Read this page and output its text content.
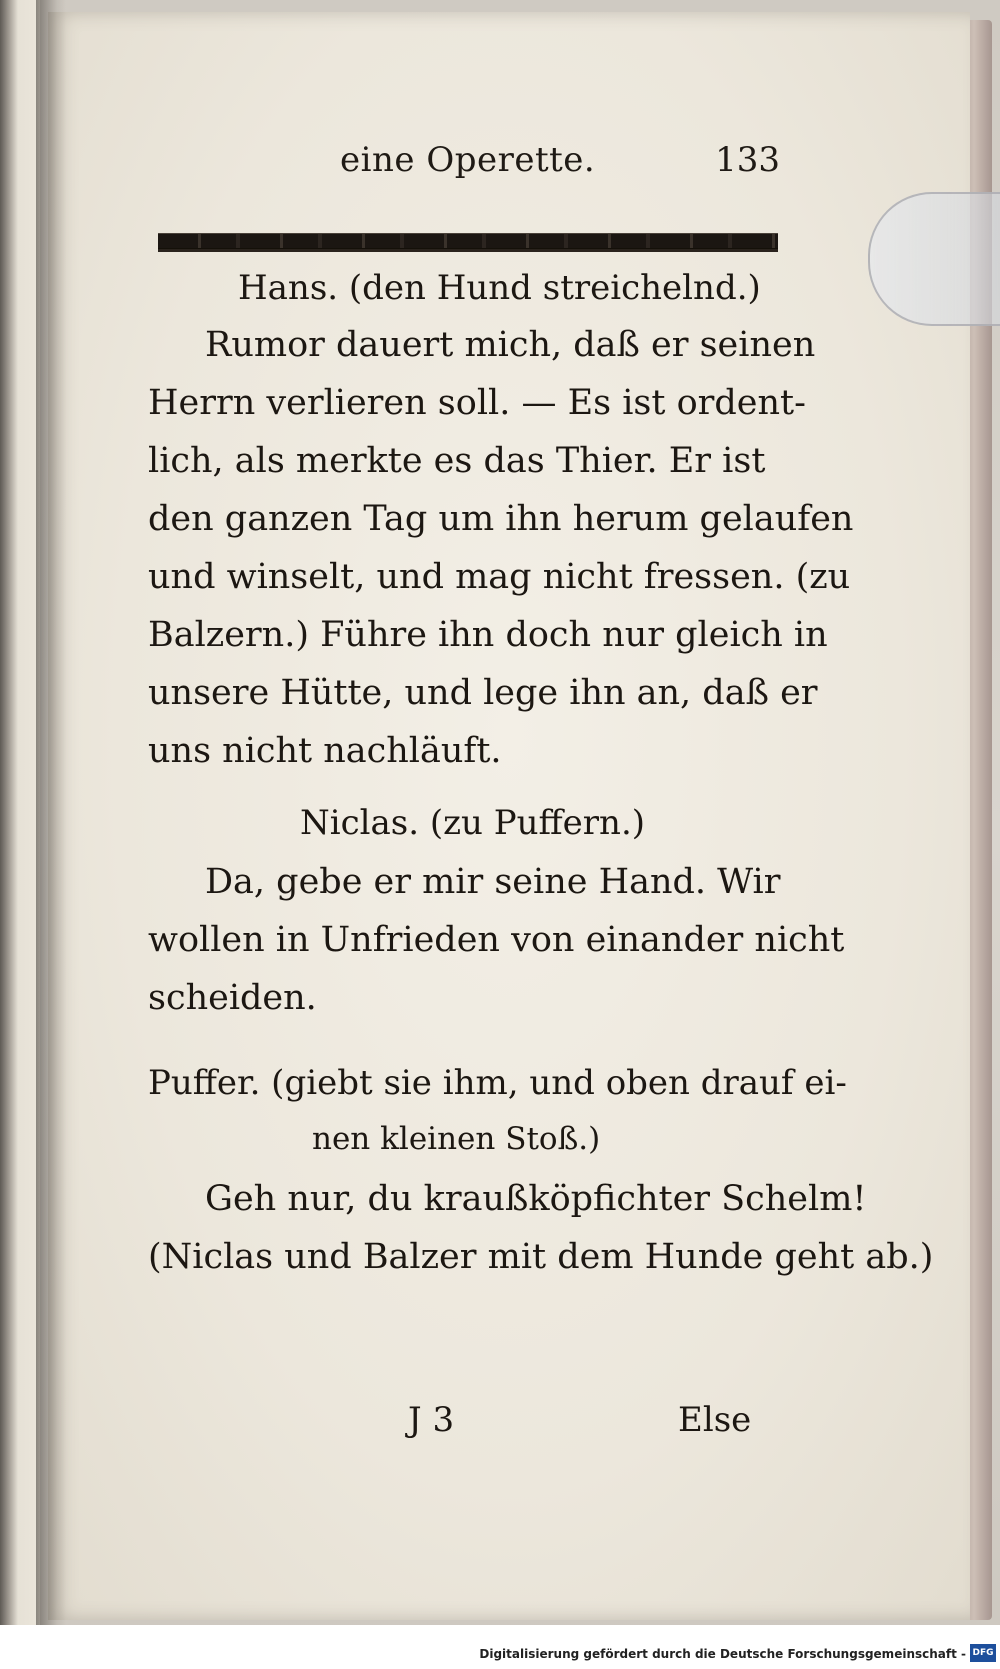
eine Operette.	133
Hans. (den Hund streichelnd.)
Rumor dauert mich, daß er seinen
Herrn verlieren soll. — Es ist ordent-
lich, als merkte es das Thier. Er ist
den ganzen Tag um ihn herum gelaufen
und winselt, und mag nicht fressen. (zu
Balzern.) Führe ihn doch nur gleich in
unsere Hütte, und lege ihn an, daß er
uns nicht nachläuft.
Niclas. (zu Puffern.)
Da, gebe er mir seine Hand. Wir
wollen in Unfrieden von einander nicht
scheiden.
Puffer. (giebt sie ihm, und oben drauf ei-
nen kleinen Stoß.)
Geh nur, du kraußköpfichter Schelm!
(Niclas und Balzer mit dem Hunde geht ab.)
J 3	Else
Digitalisierung gefördert durch die Deutsche Forschungsgemeinschaft - DFG
